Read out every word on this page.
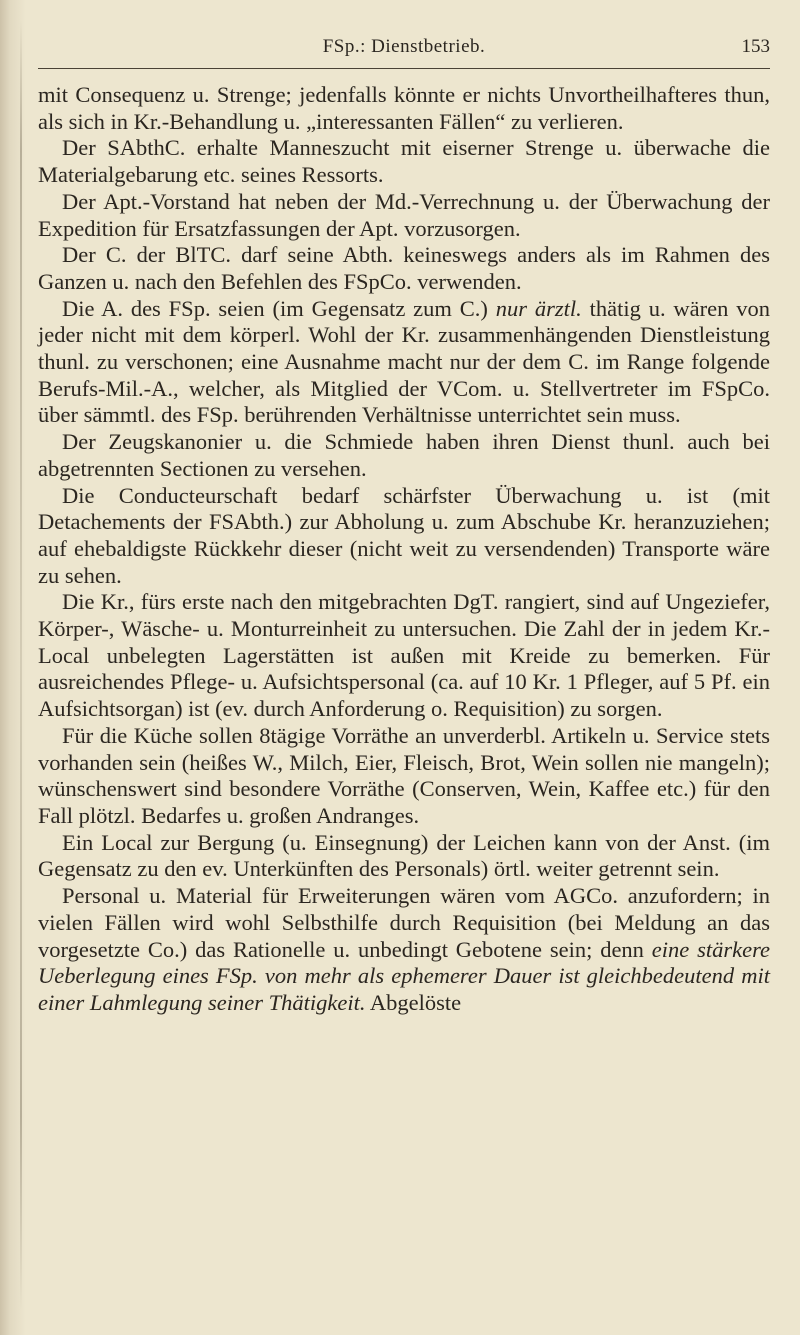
FSp.: Dienstbetrieb.	153

mit Consequenz u. Strenge; jedenfalls könnte er nichts Unvortheilhafteres thun, als sich in Kr.-Behandlung u. „interessanten Fällen“ zu verlieren.

Der SAbthC. erhalte Manneszucht mit eiserner Strenge u. überwache die Materialgebarung etc. seines Ressorts.

Der Apt.-Vorstand hat neben der Md.-Verrechnung u. der Überwachung der Expedition für Ersatzfassungen der Apt. vorzusorgen.

Der C. der BlTC. darf seine Abth. keineswegs anders als im Rahmen des Ganzen u. nach den Befehlen des FSpCo. verwenden.

Die A. des FSp. seien (im Gegensatz zum C.) nur ärztl. thätig u. wären von jeder nicht mit dem körperl. Wohl der Kr. zusammenhängenden Dienstleistung thunl. zu verschonen; eine Ausnahme macht nur der dem C. im Range folgende Berufs-Mil.-A., welcher, als Mitglied der VCom. u. Stellvertreter im FSpCo. über sämmtl. des FSp. berührenden Verhältnisse unterrichtet sein muss.

Der Zeugskanonier u. die Schmiede haben ihren Dienst thunl. auch bei abgetrennten Sectionen zu versehen.

Die Conducteurschaft bedarf schärfster Überwachung u. ist (mit Detachements der FSAbth.) zur Abholung u. zum Abschube Kr. heranzuziehen; auf ehebaldigste Rückkehr dieser (nicht weit zu versendenden) Transporte wäre zu sehen.

Die Kr., fürs erste nach den mitgebrachten DgT. rangiert, sind auf Ungeziefer, Körper-, Wäsche- u. Monturreinheit zu untersuchen. Die Zahl der in jedem Kr.-Local unbelegten Lagerstätten ist außen mit Kreide zu bemerken. Für ausreichendes Pflege- u. Aufsichtspersonal (ca. auf 10 Kr. 1 Pfleger, auf 5 Pf. ein Aufsichtsorgan) ist (ev. durch Anforderung o. Requisition) zu sorgen.

Für die Küche sollen 8tägige Vorräthe an unverderbl. Artikeln u. Service stets vorhanden sein (heißes W., Milch, Eier, Fleisch, Brot, Wein sollen nie mangeln); wünschenswert sind besondere Vorräthe (Conserven, Wein, Kaffee etc.) für den Fall plötzl. Bedarfes u. großen Andranges.

Ein Local zur Bergung (u. Einsegnung) der Leichen kann von der Anst. (im Gegensatz zu den ev. Unterkünften des Personals) örtl. weiter getrennt sein.

Personal u. Material für Erweiterungen wären vom AGCo. anzufordern; in vielen Fällen wird wohl Selbsthilfe durch Requisition (bei Meldung an das vorgesetzte Co.) das Rationelle u. unbedingt Gebotene sein; denn eine stärkere Ueberlegung eines FSp. von mehr als ephemerer Dauer ist gleichbedeutend mit einer Lahmlegung seiner Thätigkeit. Abgelöste
